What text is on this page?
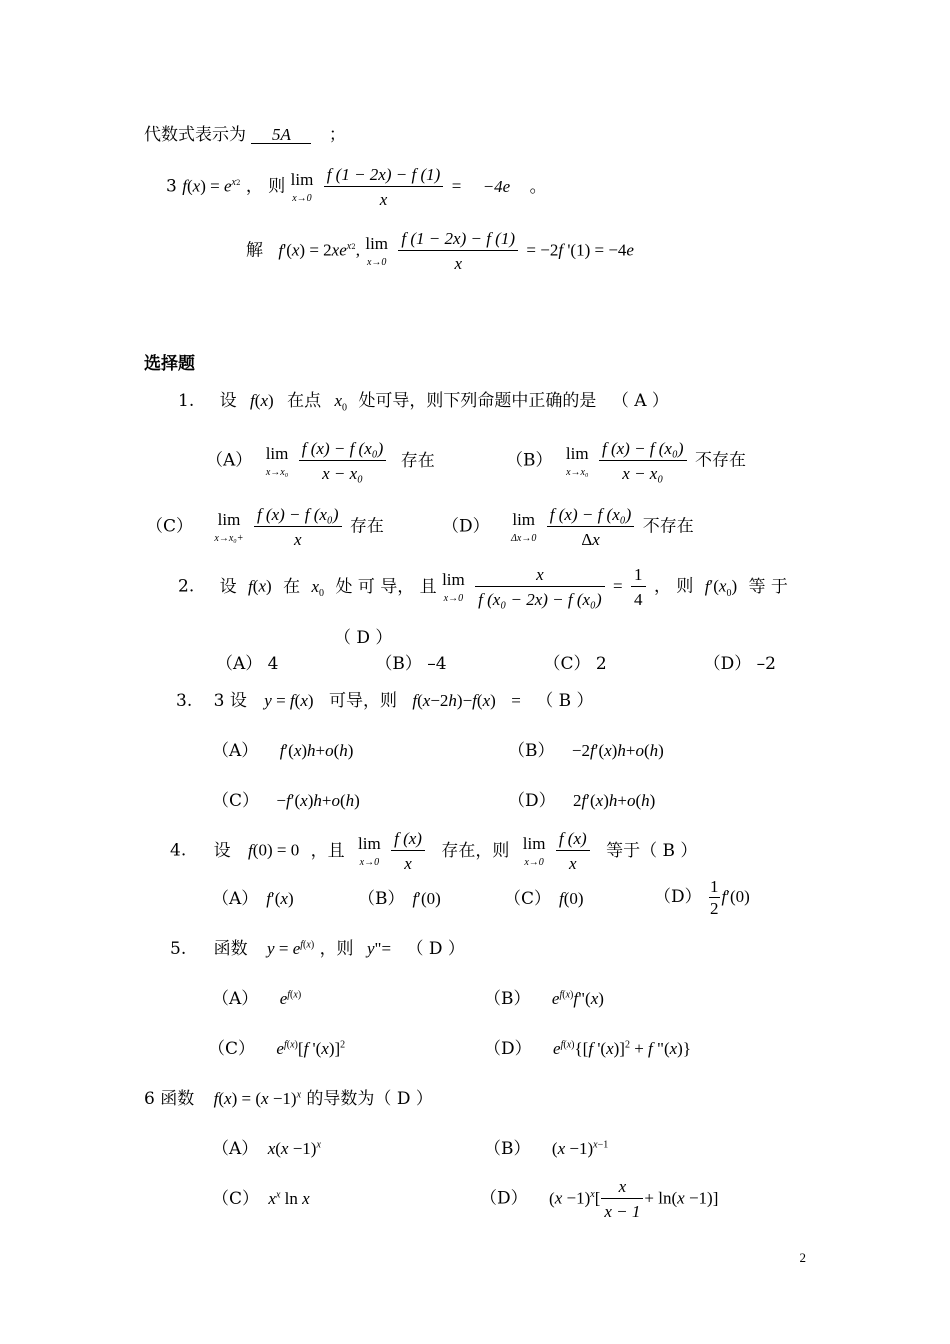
代数式表示为 5A ；
3 $f(x) = e^{x2}$ ， 则 lim
x→0
$\frac{f (1 - 2x) - f (1)}{x} = -4e$ 。
解 $f'(x) = 2xe^{x2}$, lim
x→0
$\frac{f (1 - 2x) - f (1)}{x} = -2f$ '(1) = −4e
选择题
1. 设 f(x) 在点 $x_0$ 处可导，则下列命题中正确的是 （ A ）
（A） lim
x→x₀
$\frac{\text{f (x) − f (x₀)}}{\text{x − x₀}}$ 存在	（B） lim
x→x₀
$\frac{\text{f (x) − f (x₀)}}{\text{x − x₀}}$ 不存在
（C） lim
x→x₀+
$\frac{\text{f (x) − f (x₀)}}{x}$ 存在	（D） lim
Δx→0
$\frac{\text{f (x) − f (x₀)}}{\Delta x}$ 不存在
2. 设 f(x) 在 $x_0$ 处 可 导， 且 lim
x→0
$\frac{x}{\text{f (x₀ − 2x) − f (x₀)}} = \frac{1}{4}$ ， 则 $f'(x_0)$ 等 于
（ D ）
（A） 4	（B） –4	（C） 2	（D） –2
3. 3 设 y = f(x) 可导，则 f(x−2h)−f(x) = （ B ）
（A） f′(x)h+o(h)	（B） −2f′(x)h+o(h)
（C） −f′(x)h+o(h)	（D） 2f′(x)h+o(h)
4. 设 f(0) = 0 ，且 lim
x→0
$\frac{f (x)}{x}$ 存在，则 lim
x→0
$\frac{f (x)}{x}$ 等于（ B ）
（A） f′(x)	（B） f′(0)	（C） f(0)	$(D) \frac{1}{2} f'(0)$
5. 函数 $y = e^{f(x)}$ ，则 y"= （ D ）
（A） $e^{f(x)}$	（B） $e^{f(x)}f"(x)$
（C） $e^{f(x)}[f$ '(x)]$^2$	（D） $e^{f(x)}\{[f$ '(x)]$^2$ + f "(x)}
6 函数 $f(x) = (x -1)^x$ 的导数为（ D ）
（A） $x(x -1)^x$	（B） $(x -1)^{x-1}$
（C） $x^x$ ln x	（D） $(x -1)^x[ \frac{x}{x - 1} + \ln(x -1)]$
2
